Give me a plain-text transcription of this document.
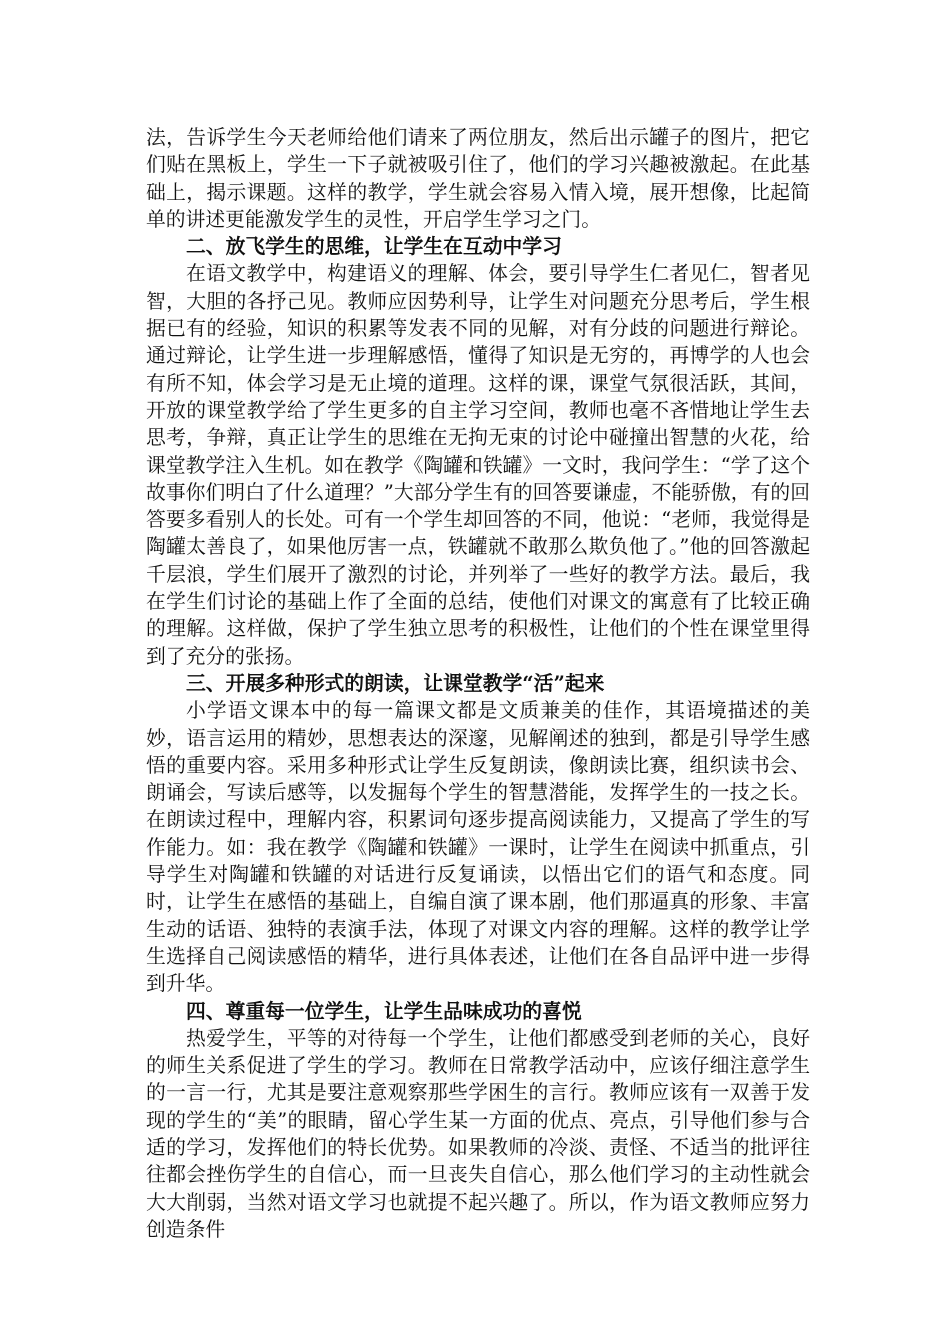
法，告诉学生今天老师给他们请来了两位朋友，然后出示罐子的图片，把它们贴在黑板上，学生一下子就被吸引住了，他们的学习兴趣被激起。在此基础上，揭示课题。这样的教学，学生就会容易入情入境，展开想像，比起简单的讲述更能激发学生的灵性，开启学生学习之门。

二、放飞学生的思维，让学生在互动中学习

在语文教学中，构建语义的理解、体会，要引导学生仁者见仁，智者见智，大胆的各抒己见。教师应因势利导，让学生对问题充分思考后，学生根据已有的经验，知识的积累等发表不同的见解，对有分歧的问题进行辩论。通过辩论，让学生进一步理解感悟，懂得了知识是无穷的，再博学的人也会有所不知，体会学习是无止境的道理。这样的课，课堂气氛很活跃，其间，开放的课堂教学给了学生更多的自主学习空间，教师也毫不吝惜地让学生去思考，争辩，真正让学生的思维在无拘无束的讨论中碰撞出智慧的火花，给课堂教学注入生机。如在教学《陶罐和铁罐》一文时，我问学生：“学了这个故事你们明白了什么道理？”大部分学生有的回答要谦虚，不能骄傲，有的回答要多看别人的长处。可有一个学生却回答的不同，他说：“老师，我觉得是陶罐太善良了，如果他厉害一点，铁罐就不敢那么欺负他了。”他的回答激起千层浪，学生们展开了激烈的讨论，并列举了一些好的教学方法。最后，我在学生们讨论的基础上作了全面的总结，使他们对课文的寓意有了比较正确的理解。这样做，保护了学生独立思考的积极性，让他们的个性在课堂里得到了充分的张扬。

三、开展多种形式的朗读，让课堂教学“活”起来

小学语文课本中的每一篇课文都是文质兼美的佳作，其语境描述的美妙，语言运用的精妙，思想表达的深邃，见解阐述的独到，都是引导学生感悟的重要内容。采用多种形式让学生反复朗读，像朗读比赛，组织读书会、朗诵会，写读后感等，以发掘每个学生的智慧潜能，发挥学生的一技之长。在朗读过程中，理解内容，积累词句逐步提高阅读能力，又提高了学生的写作能力。如：我在教学《陶罐和铁罐》一课时，让学生在阅读中抓重点，引导学生对陶罐和铁罐的对话进行反复诵读，以悟出它们的语气和态度。同时，让学生在感悟的基础上，自编自演了课本剧，他们那逼真的形象、丰富生动的话语、独特的表演手法，体现了对课文内容的理解。这样的教学让学生选择自己阅读感悟的精华，进行具体表述，让他们在各自品评中进一步得到升华。

四、尊重每一位学生，让学生品味成功的喜悦

热爱学生，平等的对待每一个学生，让他们都感受到老师的关心，良好的师生关系促进了学生的学习。教师在日常教学活动中，应该仔细注意学生的一言一行，尤其是要注意观察那些学困生的言行。教师应该有一双善于发现的学生的“美”的眼睛，留心学生某一方面的优点、亮点，引导他们参与合适的学习，发挥他们的特长优势。如果教师的冷淡、责怪、不适当的批评往往都会挫伤学生的自信心，而一旦丧失自信心，那么他们学习的主动性就会大大削弱，当然对语文学习也就提不起兴趣了。所以，作为语文教师应努力创造条件
